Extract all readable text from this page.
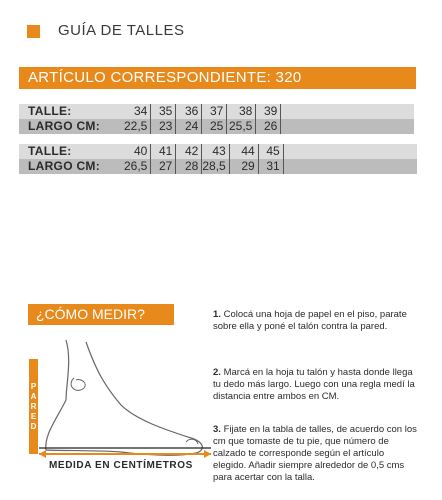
GUÍA DE TALLES
ARTÍCULO CORRESPONDIENTE: 320
TALLE:	34	35	36	37	38	39	
LARGO CM:	22,5	23	24	25	25,5	26	
TALLE:	40	41	42	43	44	45	
LARGO CM:	26,5	27	28	28,5	29	31	
¿CÓMO MEDIR?	1. Colocá una hoja de papel en el piso, parate sobre ella y poné el talón contra la pared.
2. Marcá en la hoja tu talón y hasta donde llega tu dedo más largo. Luego con una regla medí la distancia entre ambos en CM.
3. Fijate en la tabla de talles, de acuerdo con los cm que tomaste de tu pie, que número de calzado te corresponde según el artículo elegido. Añadir siempre alrededor de 0,5 cms para acertar con la talla.
PARED
MEDIDA EN CENTÍMETROS
